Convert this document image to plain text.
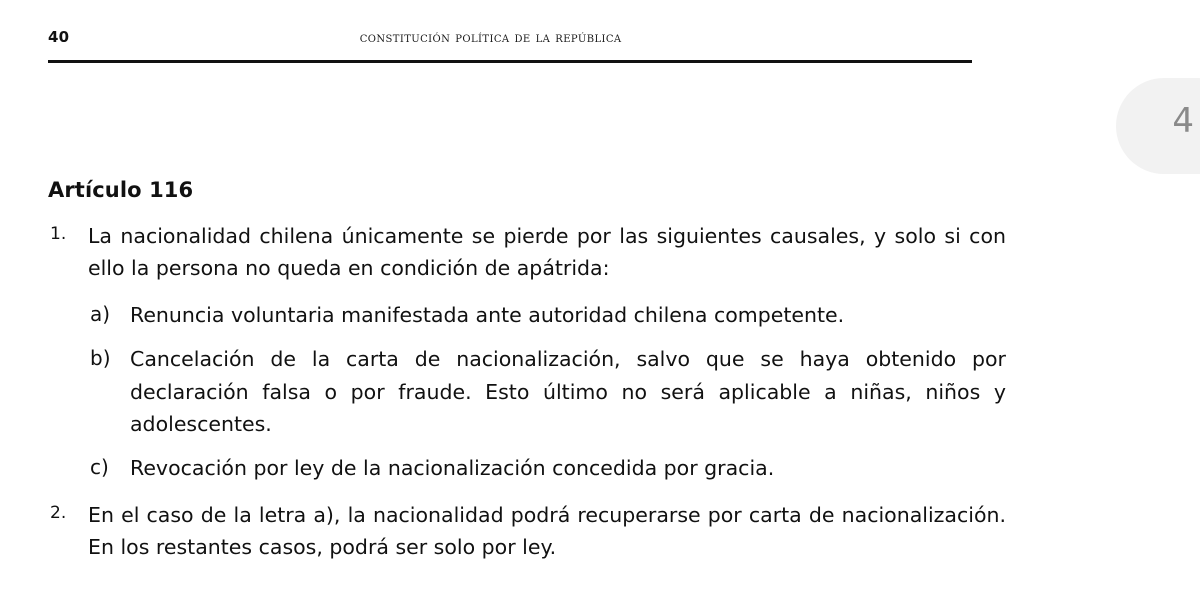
40	constitución política de la república
4
Artículo 116
1.	La nacionalidad chilena únicamente se pierde por las siguientes causales, y solo si con ello la persona no queda en condición de apátrida:
a) Renuncia voluntaria manifestada ante autoridad chilena competente.
b) Cancelación de la carta de nacionalización, salvo que se haya obtenido por declaración falsa o por fraude. Esto último no será aplicable a niñas, niños y adolescentes.
c)	Revocación por ley de la nacionalización concedida por gracia.
2.	En el caso de la letra a), la nacionalidad podrá recuperarse por carta de nacionalización. En los restantes casos, podrá ser solo por ley.
